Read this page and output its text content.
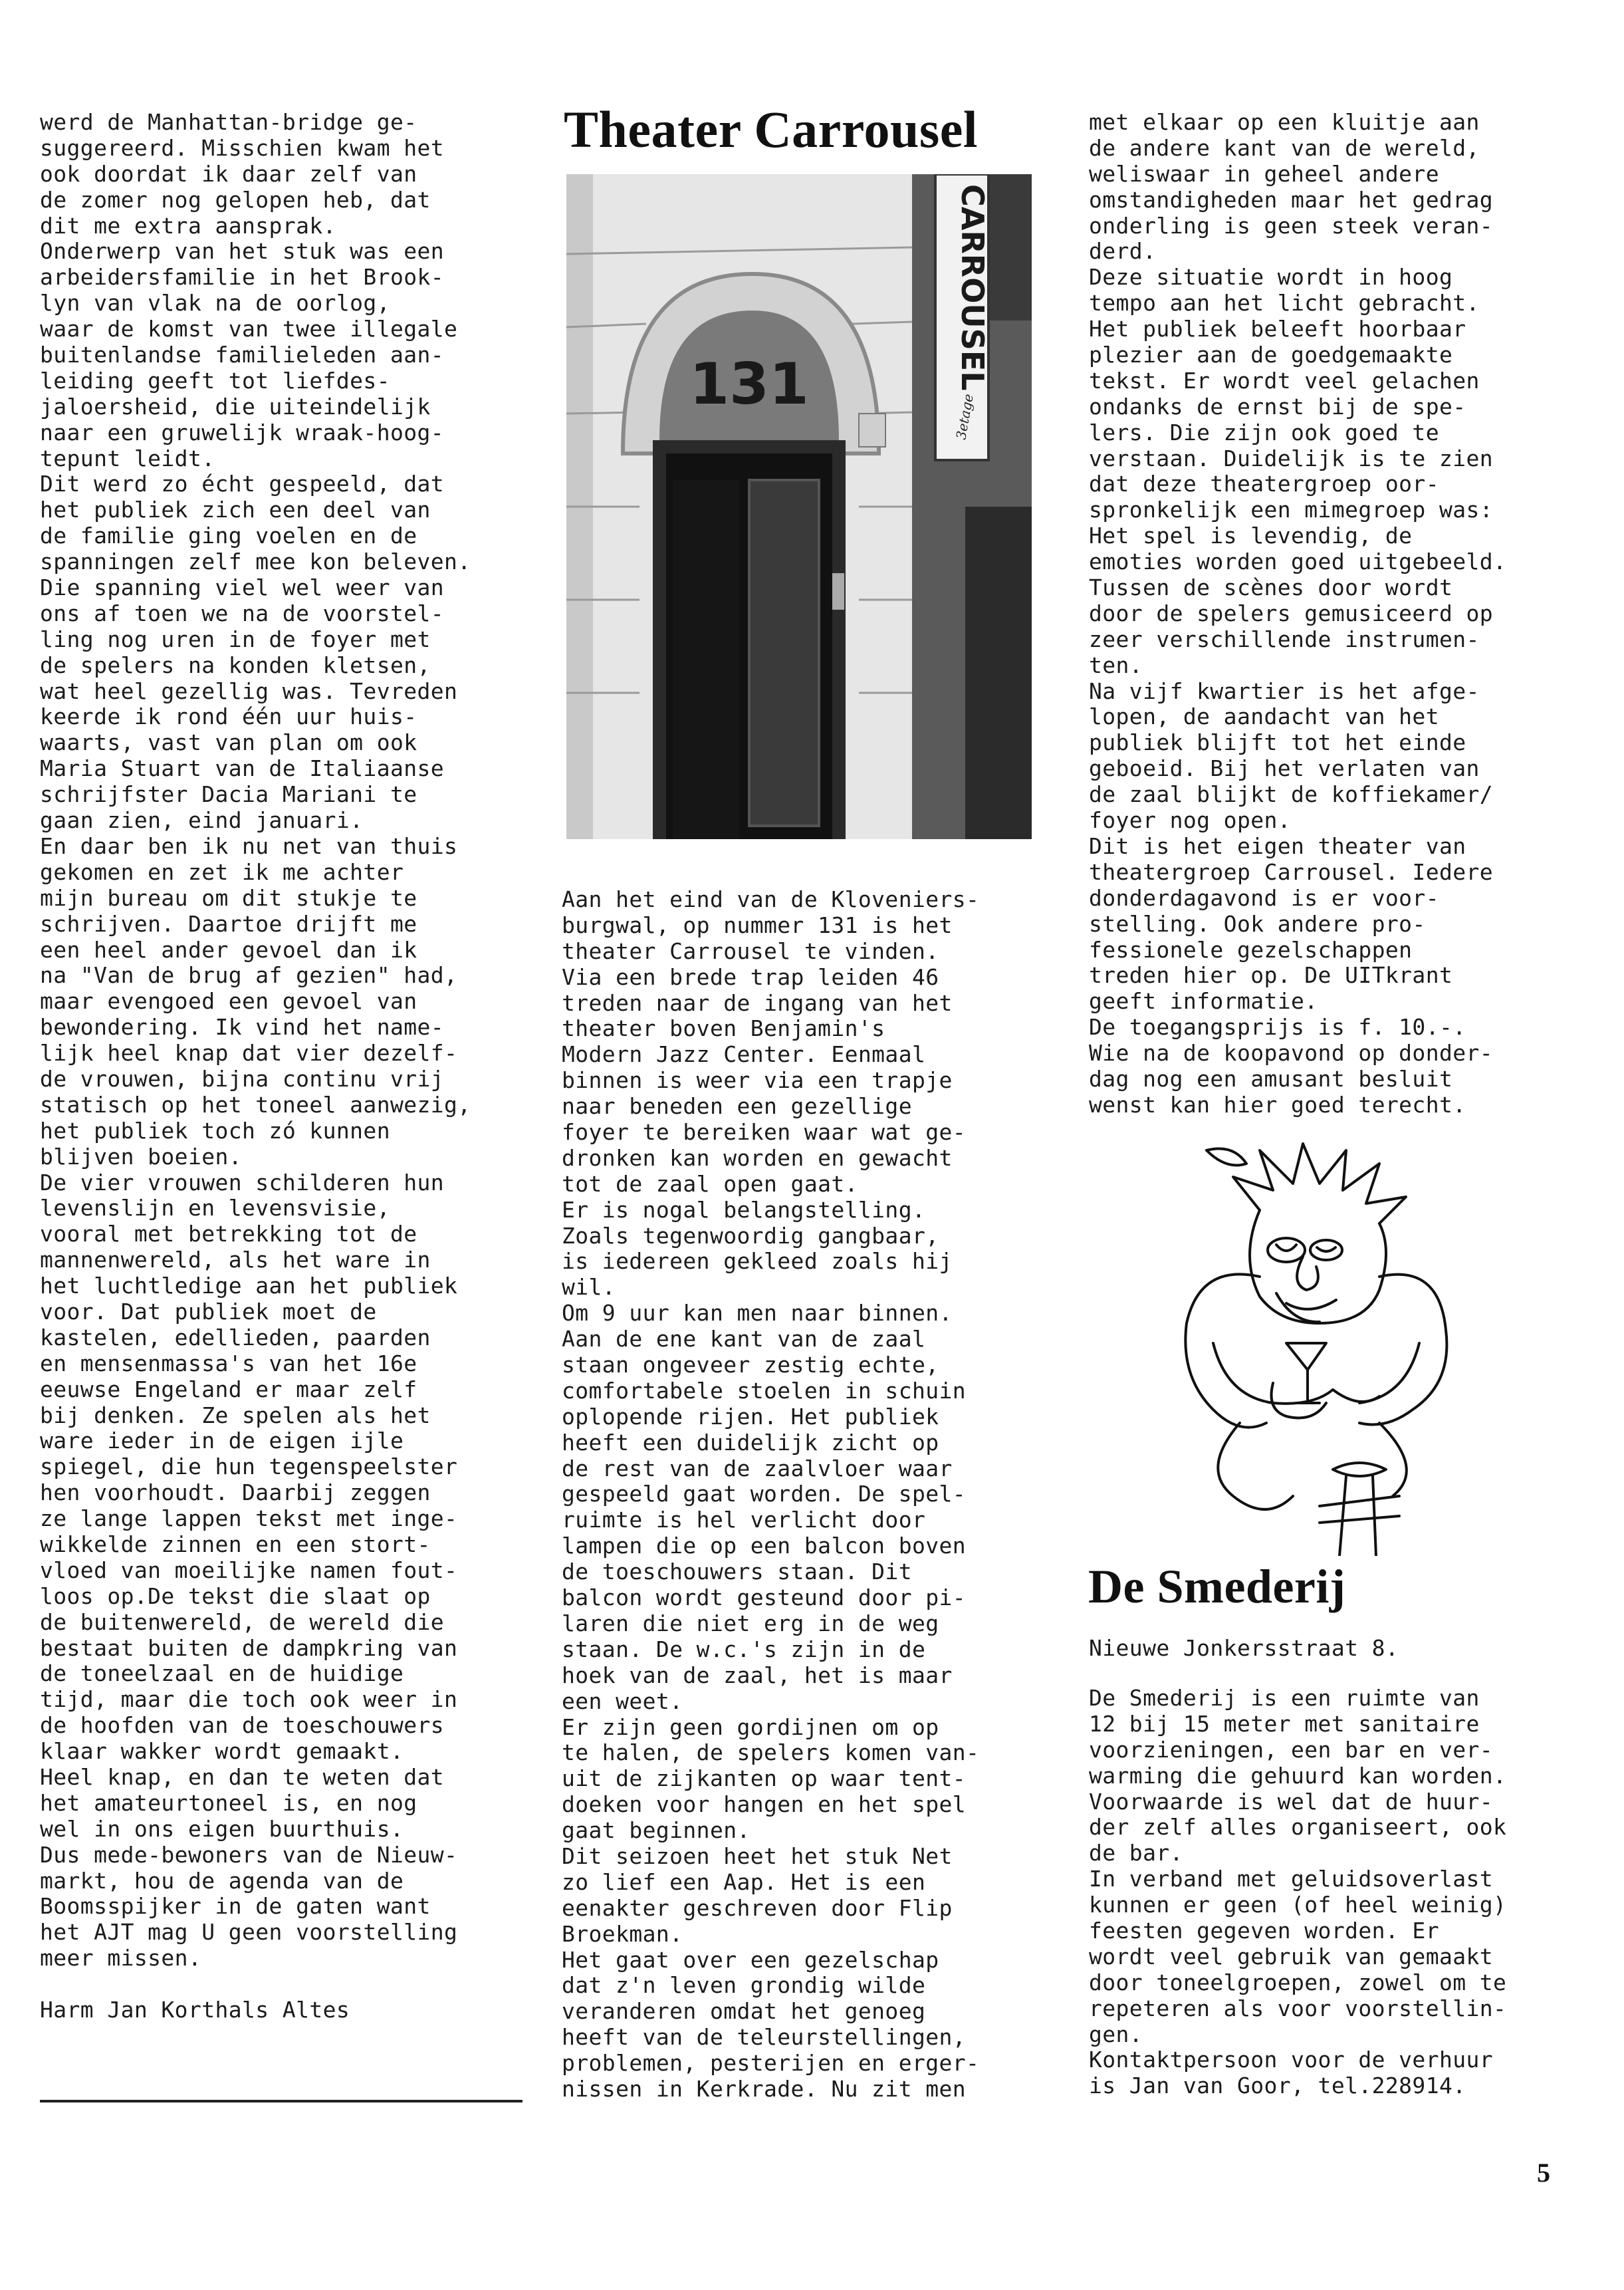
werd de Manhattan-bridge ge-
suggereerd. Misschien kwam het
ook doordat ik daar zelf van
de zomer nog gelopen heb, dat
dit me extra aansprak.
Onderwerp van het stuk was een
arbeidersfamilie in het Brook-
lyn van vlak na de oorlog,
waar de komst van twee illegale
buitenlandse familieleden aan-
leiding geeft tot liefdes-
jaloersheid, die uiteindelijk
naar een gruwelijk wraak-hoog-
tepunt leidt.
Dit werd zo écht gespeeld, dat
het publiek zich een deel van
de familie ging voelen en de
spanningen zelf mee kon beleven.
Die spanning viel wel weer van
ons af toen we na de voorstel-
ling nog uren in de foyer met
de spelers na konden kletsen,
wat heel gezellig was. Tevreden
keerde ik rond één uur huis-
waarts, vast van plan om ook
Maria Stuart van de Italiaanse
schrijfster Dacia Mariani te
gaan zien, eind januari.
En daar ben ik nu net van thuis
gekomen en zet ik me achter
mijn bureau om dit stukje te
schrijven. Daartoe drijft me
een heel ander gevoel dan ik
na "Van de brug af gezien" had,
maar evengoed een gevoel van
bewondering. Ik vind het name-
lijk heel knap dat vier dezelf-
de vrouwen, bijna continu vrij
statisch op het toneel aanwezig,
het publiek toch zó kunnen
blijven boeien.
De vier vrouwen schilderen hun
levenslijn en levensvisie,
vooral met betrekking tot de
mannenwereld, als het ware in
het luchtledige aan het publiek
voor. Dat publiek moet de
kastelen, edellieden, paarden
en mensenmassa's van het 16e
eeuwse Engeland er maar zelf
bij denken. Ze spelen als het
ware ieder in de eigen ijle
spiegel, die hun tegenspeelster
hen voorhoudt. Daarbij zeggen
ze lange lappen tekst met inge-
wikkelde zinnen en een stort-
vloed van moeilijke namen fout-
loos op.De tekst die slaat op
de buitenwereld, de wereld die
bestaat buiten de dampkring van
de toneelzaal en de huidige
tijd, maar die toch ook weer in
de hoofden van de toeschouwers
klaar wakker wordt gemaakt.
Heel knap, en dan te weten dat
het amateurtoneel is, en nog
wel in ons eigen buurthuis.
Dus mede-bewoners van de Nieuw-
markt, hou de agenda van de
Boomsspijker in de gaten want
het AJT mag U geen voorstelling
meer missen.
Harm Jan Korthals Altes
Theater Carrousel
131	CARROUSEL
3etage
Aan het eind van de Kloveniers-
burgwal, op nummer 131 is het
theater Carrousel te vinden.
Via een brede trap leiden 46
treden naar de ingang van het
theater boven Benjamin's
Modern Jazz Center. Eenmaal
binnen is weer via een trapje
naar beneden een gezellige
foyer te bereiken waar wat ge-
dronken kan worden en gewacht
tot de zaal open gaat.
Er is nogal belangstelling.
Zoals tegenwoordig gangbaar,
is iedereen gekleed zoals hij
wil.
Om 9 uur kan men naar binnen.
Aan de ene kant van de zaal
staan ongeveer zestig echte,
comfortabele stoelen in schuin
oplopende rijen. Het publiek
heeft een duidelijk zicht op
de rest van de zaalvloer waar
gespeeld gaat worden. De spel-
ruimte is hel verlicht door
lampen die op een balcon boven
de toeschouwers staan. Dit
balcon wordt gesteund door pi-
laren die niet erg in de weg
staan. De w.c.'s zijn in de
hoek van de zaal, het is maar
een weet.
Er zijn geen gordijnen om op
te halen, de spelers komen van-
uit de zijkanten op waar tent-
doeken voor hangen en het spel
gaat beginnen.
Dit seizoen heet het stuk Net
zo lief een Aap. Het is een
eenakter geschreven door Flip
Broekman.
Het gaat over een gezelschap
dat z'n leven grondig wilde
veranderen omdat het genoeg
heeft van de teleurstellingen,
problemen, pesterijen en erger-
nissen in Kerkrade. Nu zit men
met elkaar op een kluitje aan
de andere kant van de wereld,
weliswaar in geheel andere
omstandigheden maar het gedrag
onderling is geen steek veran-
derd.
Deze situatie wordt in hoog
tempo aan het licht gebracht.
Het publiek beleeft hoorbaar
plezier aan de goedgemaakte
tekst. Er wordt veel gelachen
ondanks de ernst bij de spe-
lers. Die zijn ook goed te
verstaan. Duidelijk is te zien
dat deze theatergroep oor-
spronkelijk een mimegroep was:
Het spel is levendig, de
emoties worden goed uitgebeeld.
Tussen de scènes door wordt
door de spelers gemusiceerd op
zeer verschillende instrumen-
ten.
Na vijf kwartier is het afge-
lopen, de aandacht van het
publiek blijft tot het einde
geboeid. Bij het verlaten van
de zaal blijkt de koffiekamer/
foyer nog open.
Dit is het eigen theater van
theatergroep Carrousel. Iedere
donderdagavond is er voor-
stelling. Ook andere pro-
fessionele gezelschappen
treden hier op. De UITkrant
geeft informatie.
De toegangsprijs is f. 10.-.
Wie na de koopavond op donder-
dag nog een amusant besluit
wenst kan hier goed terecht.
De Smederij
Nieuwe Jonkersstraat 8.
De Smederij is een ruimte van
12 bij 15 meter met sanitaire
voorzieningen, een bar en ver-
warming die gehuurd kan worden.
Voorwaarde is wel dat de huur-
der zelf alles organiseert, ook
de bar.
In verband met geluidsoverlast
kunnen er geen (of heel weinig)
feesten gegeven worden. Er
wordt veel gebruik van gemaakt
door toneelgroepen, zowel om te
repeteren als voor voorstellin-
gen.
Kontaktpersoon voor de verhuur
is Jan van Goor, tel.228914.
5
